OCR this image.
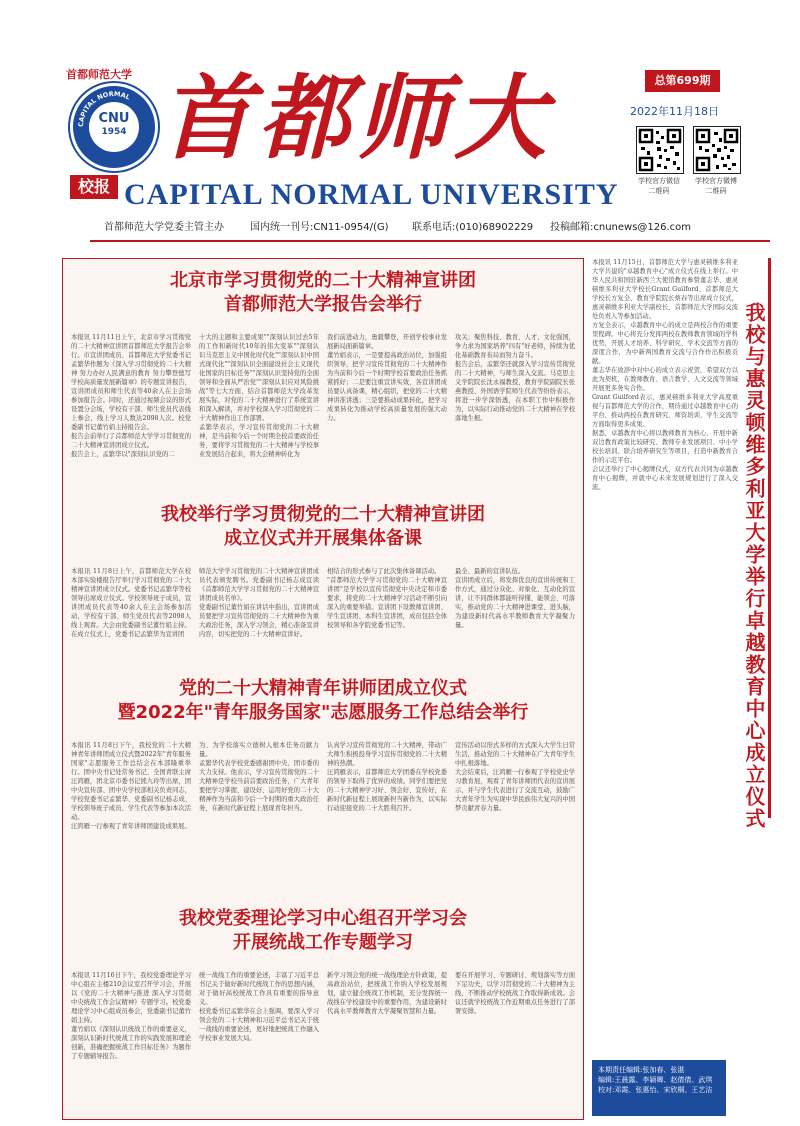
首都师范大学
CAPITAL NORMAL
CNU
1954
校报
首都师大
CAPITAL NORMAL UNIVERSITY
总第699期
2022年11月18日
学校官方微信
二维码
学校官方微博
二维码
首都师范大学党委主管主办	国内统一刊号:CN11-0954/(G) 联系电话:(010)68902229 投稿邮箱:cnunews@126.com
北京市学习贯彻党的二十大精神宣讲团
首都师范大学报告会举行
本报讯 11月11日上午，北京市学习贯彻党的二十大精神宣讲团首都师范大学报告会举行。市宣讲团成员、首都师范大学党委书记孟繁华作题为《深入学习贯彻党的二十大精神 努力办好人民满意的教育 努力攀登德写学校高质量发展新篇章》的专题宣讲报告，宣讲团成员和师生代表等40余人在主会场参加报告会。同时，还通过视频会议的形式设置分会场，学校有干部、师生党员代表线上参会，线上学习人数达2098人次。校党委副书记董竹娟主持报告会。
报告会前举行了首都师范大学学习贯彻党的二十大精神宣讲团成立仪式。
报告会上，孟繁华以"深刻认识党的二
十大的主题和主要成果""深刻认识过去5年的工作和新时代10年的伟大变革""深刻认识马克思主义中国化时代化""深刻认识中国式现代化""深刻认识全面建设社会主义现代化国家的目标任务""深刻认识坚持党的全面领导和全面从严治党""深刻认识应对风险挑战"等七大方面，结合首都师范大学改革发展实际，对党的二十大精神进行了系统宣讲和深入解读，并对学校深入学习贯彻党的二十大精神作出工作部署。
孟繁华表示，学习宣传贯彻党的二十大精神，是当前和今后一个时期全校首要政治任务，要将学习贯彻党的二十大精神与学校事业发展结合起来，将大会精神转化为
我们前进动力，勇毅攀登，开创学校事业发展新局面新篇章。
董竹娟表示，一是要提高政治站位，加强组织领导，把学习宣传贯彻党的二十大精神作为当前和今后一个时期学校首要政治任务抓紧抓好；二是要注重宣讲实效，各宣讲团成员要认真备课，精心组织，把党的二十大精神讲准讲透；三是要推动成果转化，把学习成果转化为推动学校高质量发展的强大动力。
攻关；聚焦科技、教育、人才、文化强国，争力求为国家培养"四有"好老师，持续为优化基础教育布局而努力奋斗。
报告会后，孟繁华还就深入学习宣传贯彻党的二十大精神，与师生深入交流。马克思主义学院院长沈永福教授、教育学院副院长张燕教授、外国语学院师生代表等纷纷表示，将进一步学深悟透，在本职工作中积极作为，以实际行动推动党的二十大精神在学校落地生根。
我校举行学习贯彻党的二十大精神宣讲团
成立仪式并开展集体备课
本报讯 11月8日上午，首都师范大学在校本部实验楼报告厅举行学习贯彻党的二十大精神宣讲团成立仪式。党委书记孟繁华等校领导出席成立仪式。学校领导班子成员，宣讲团成员代表等40余人在主会场参加活动，学校有干部、师生党员代表等2098人线上观看。大会由党委副书记董竹娟主持。
在成立仪式上，党委书记孟繁华为宣讲团
师范大学学习贯彻党的二十大精神宣讲团成员代表颁发聘书。党委副书记杨志成宣读《首都师范大学学习贯彻党的二十大精神宣讲团成员名单》。
党委副书记董竹娟在讲话中指出，宣讲团成员要把学习宣传贯彻党的二十大精神作为重大政治任务，深入学习领会，精心准备宣讲内容，切实把党的二十大精神宣讲好。
相结合的形式参与了此次集体备课活动。
"首都师范大学学习贯彻党的二十大精神宣讲团"是学校以宣传贯彻党中央决定和市委要求，将党的二十大精神学习活动不断引向深入的重要举措。宣讲团下设教师宣讲团、学生宣讲团、本科生宣讲团，成员包括全体校领导和各学院党委书记等。
最全、最新的宣讲队伍。
宣讲团成立后，将发挥优良的宣讲传统和工作方式，通过分众化、对象化、互动化的宣讲，让不同群体都能听得懂、能领会、可落实，推动党的二十大精神进课堂、进头脑，为建设新时代高水平教师教育大学凝聚力量。
党的二十大精神青年讲师团成立仪式
暨2022年"青年服务国家"志愿服务工作总结会举行
本报讯 11月8日下午，我校党的二十大精神青年讲师团成立仪式暨2022年"青年服务国家"志愿服务工作总结会在本部隆重举行。团中央书记处常务书记、全国青联主席汪鸿雁，团北京市委书记熊九玲等出席，团中央宣传部、团中央学校部相关负责同志，学校党委书记孟繁华、党委副书记杨志成、学校领导班子成员、学生代表等参加本次活动。
汪鸿雁一行参观了青年讲师团建设成果展。
为、为学校落实立德树人根本任务贡献力量。
孟繁华代表学校党委感谢团中央、团市委的大力支持。他表示，学习宣传贯彻党的二十大精神是学校当前首要政治任务，广大青年要把学习掌握、建设好、运用好党的二十大精神作为当前和今后一个时期的重大政治任务，在新时代新征程上展现青年担当。
认真学习宣传贯彻党的二十大精神，带动广大师生积极投身学习宣传贯彻党的二十大精神的热潮。
汪鸿雁表示，首都师范大学团委在学校党委的领导下取得了优异的成绩。同学们要把党的二十大精神学习好、领会好、宣传好，在新时代新征程上展现新担当新作为，以实际行动迎接党的二十大胜利召开。
宣传活动以形式多样的方式深入大学生日常生活，推动党的二十大精神在广大青年学生中扎根落地。
大会结束后，汪鸿雁一行参观了学校党史学习教育展，观看了青年讲师团代表的宣讲展示，并与学生代表进行了交流互动，鼓励广大青年学生为实现中华民族伟大复兴的中国梦贡献青春力量。
我校党委理论学习中心组召开学习会
开展统战工作专题学习
本报讯 11月16日下午，我校党委理论学习中心组在主楼210会议室召开学习会，开展以《党的二十大精神与推进 深入学习贯彻中央统战工作会议精神》专题学习。校党委理论学习中心组成员参会，党委副书记董竹娟主持。
董竹娟以《深刻认识统战工作的重要意义，深刻认识新时代统战工作的实践发展和理论创新，准确把握统战工作目标任务》为题作了专题辅导报告。
统一战线工作的重要论述，丰富了习近平总书记关于做好新时代统战工作的思想内涵，对于做好高校统战工作具有重要的指导意义。
校党委书记孟繁华在会上强调，要深入学习领会党的二十大精神和习近平总书记关于统一战线的重要论述，更好地把统战工作融入学校事业发展大局。
新学习领会党的统一战线理论方针政策，提高政治站位，把统战工作纳入学校发展规划，建立健全统战工作机制，充分发挥统一战线在学校建设中的重要作用，为建设新时代高水平教师教育大学凝聚智慧和力量。
要在开展学习、专题研讨、规划落实等方面下足功夫，以学习贯彻党的二十大精神为主线，不断推动学校统战工作取得新成效。会议还就学校统战工作近期重点任务进行了部署安排。
本报讯 11月15日，首都师范大学与惠灵顿维多利亚大学共建的"卓越教育中心"成立仪式在线上举行。中华人民共和国驻新西兰大使馆教育参赞董志华、惠灵顿维多利亚大学校长Grant Guilford、首都师范大学校长方复全、教育学院院长蔡春等出席成立仪式，惠灵顿维多利亚大学副校长、首都师范大学国际交流处负责人等参加活动。
方复全表示，卓越教育中心的成立是两校合作的重要里程碑。中心将充分发挥两校在教师教育领域的学科优势，开展人才培养、科学研究、学术交流等方面的深度合作，为中新两国教育交流与合作作出积极贡献。
董志华在致辞中对中心的成立表示祝贺，希望双方以此为契机，在教师教育、语言教学、人文交流等领域开展更多务实合作。
Grant Guilford表示，惠灵顿维多利亚大学高度重视与首都师范大学的合作，期待通过卓越教育中心的平台，推动两校在教育研究、师资培训、学生交流等方面取得更多成果。
据悉，卓越教育中心将以教师教育为核心，开展中新双边教育政策比较研究、教师专业发展项目、中小学校长培训、联合培养研究生等项目，打造中新教育合作的示范平台。
会议还举行了中心揭牌仪式，双方代表共同为卓越教育中心揭牌，并就中心未来发展规划进行了深入交流。	我校与惠灵顿维多利亚大学举行卓越教育中心成立仪式
本期责任编辑:张加春、张湛
编辑:王晨露、李颖卿、赵倩倩、武琪
校对:邓霞、张惠怡、宋欣桐、王艺洁
